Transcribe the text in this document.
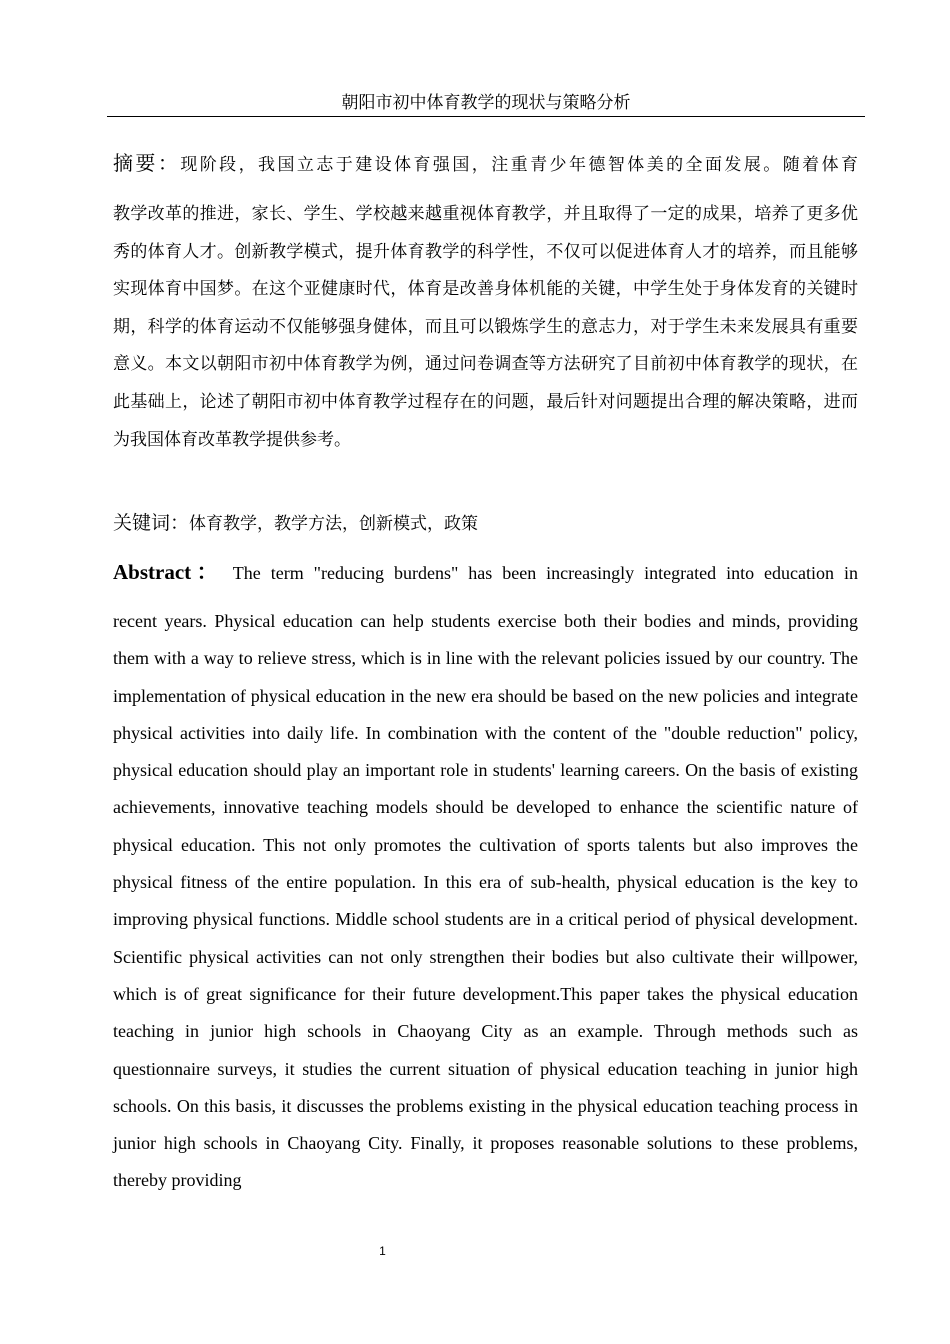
朝阳市初中体育教学的现状与策略分析
摘要：现阶段，我国立志于建设体育强国，注重青少年德智体美的全面发展。随着体育
教学改革的推进，家长、学生、学校越来越重视体育教学，并且取得了一定的成果，培养了更多优秀的体育人才。创新教学模式，提升体育教学的科学性，不仅可以促进体育人才的培养，而且能够实现体育中国梦。在这个亚健康时代，体育是改善身体机能的关键，中学生处于身体发育的关键时期，科学的体育运动不仅能够强身健体，而且可以锻炼学生的意志力，对于学生未来发展具有重要意义。本文以朝阳市初中体育教学为例，通过问卷调查等方法研究了目前初中体育教学的现状，在此基础上，论述了朝阳市初中体育教学过程存在的问题，最后针对问题提出合理的解决策略，进而为我国体育改革教学提供参考。
关键词：体育教学，教学方法，创新模式，政策
Abstract： The term "reducing burdens" has been increasingly integrated into education in
recent years. Physical education can help students exercise both their bodies and minds, providing them with a way to relieve stress, which is in line with the relevant policies issued by our country. The implementation of physical education in the new era should be based on the new policies and integrate physical activities into daily life. In combination with the content of the "double reduction" policy, physical education should play an important role in students' learning careers. On the basis of existing achievements, innovative teaching models should be developed to enhance the scientific nature of physical education. This not only promotes the cultivation of sports talents but also improves the physical fitness of the entire population. In this era of sub-health, physical education is the key to improving physical functions. Middle school students are in a critical period of physical development. Scientific physical activities can not only strengthen their bodies but also cultivate their willpower, which is of great significance for their future development.This paper takes the physical education teaching in junior high schools in Chaoyang City as an example. Through methods such as questionnaire surveys, it studies the current situation of physical education teaching in junior high schools. On this basis, it discusses the problems existing in the physical education teaching process in junior high schools in Chaoyang City. Finally, it proposes reasonable solutions to these problems, thereby providing
1
